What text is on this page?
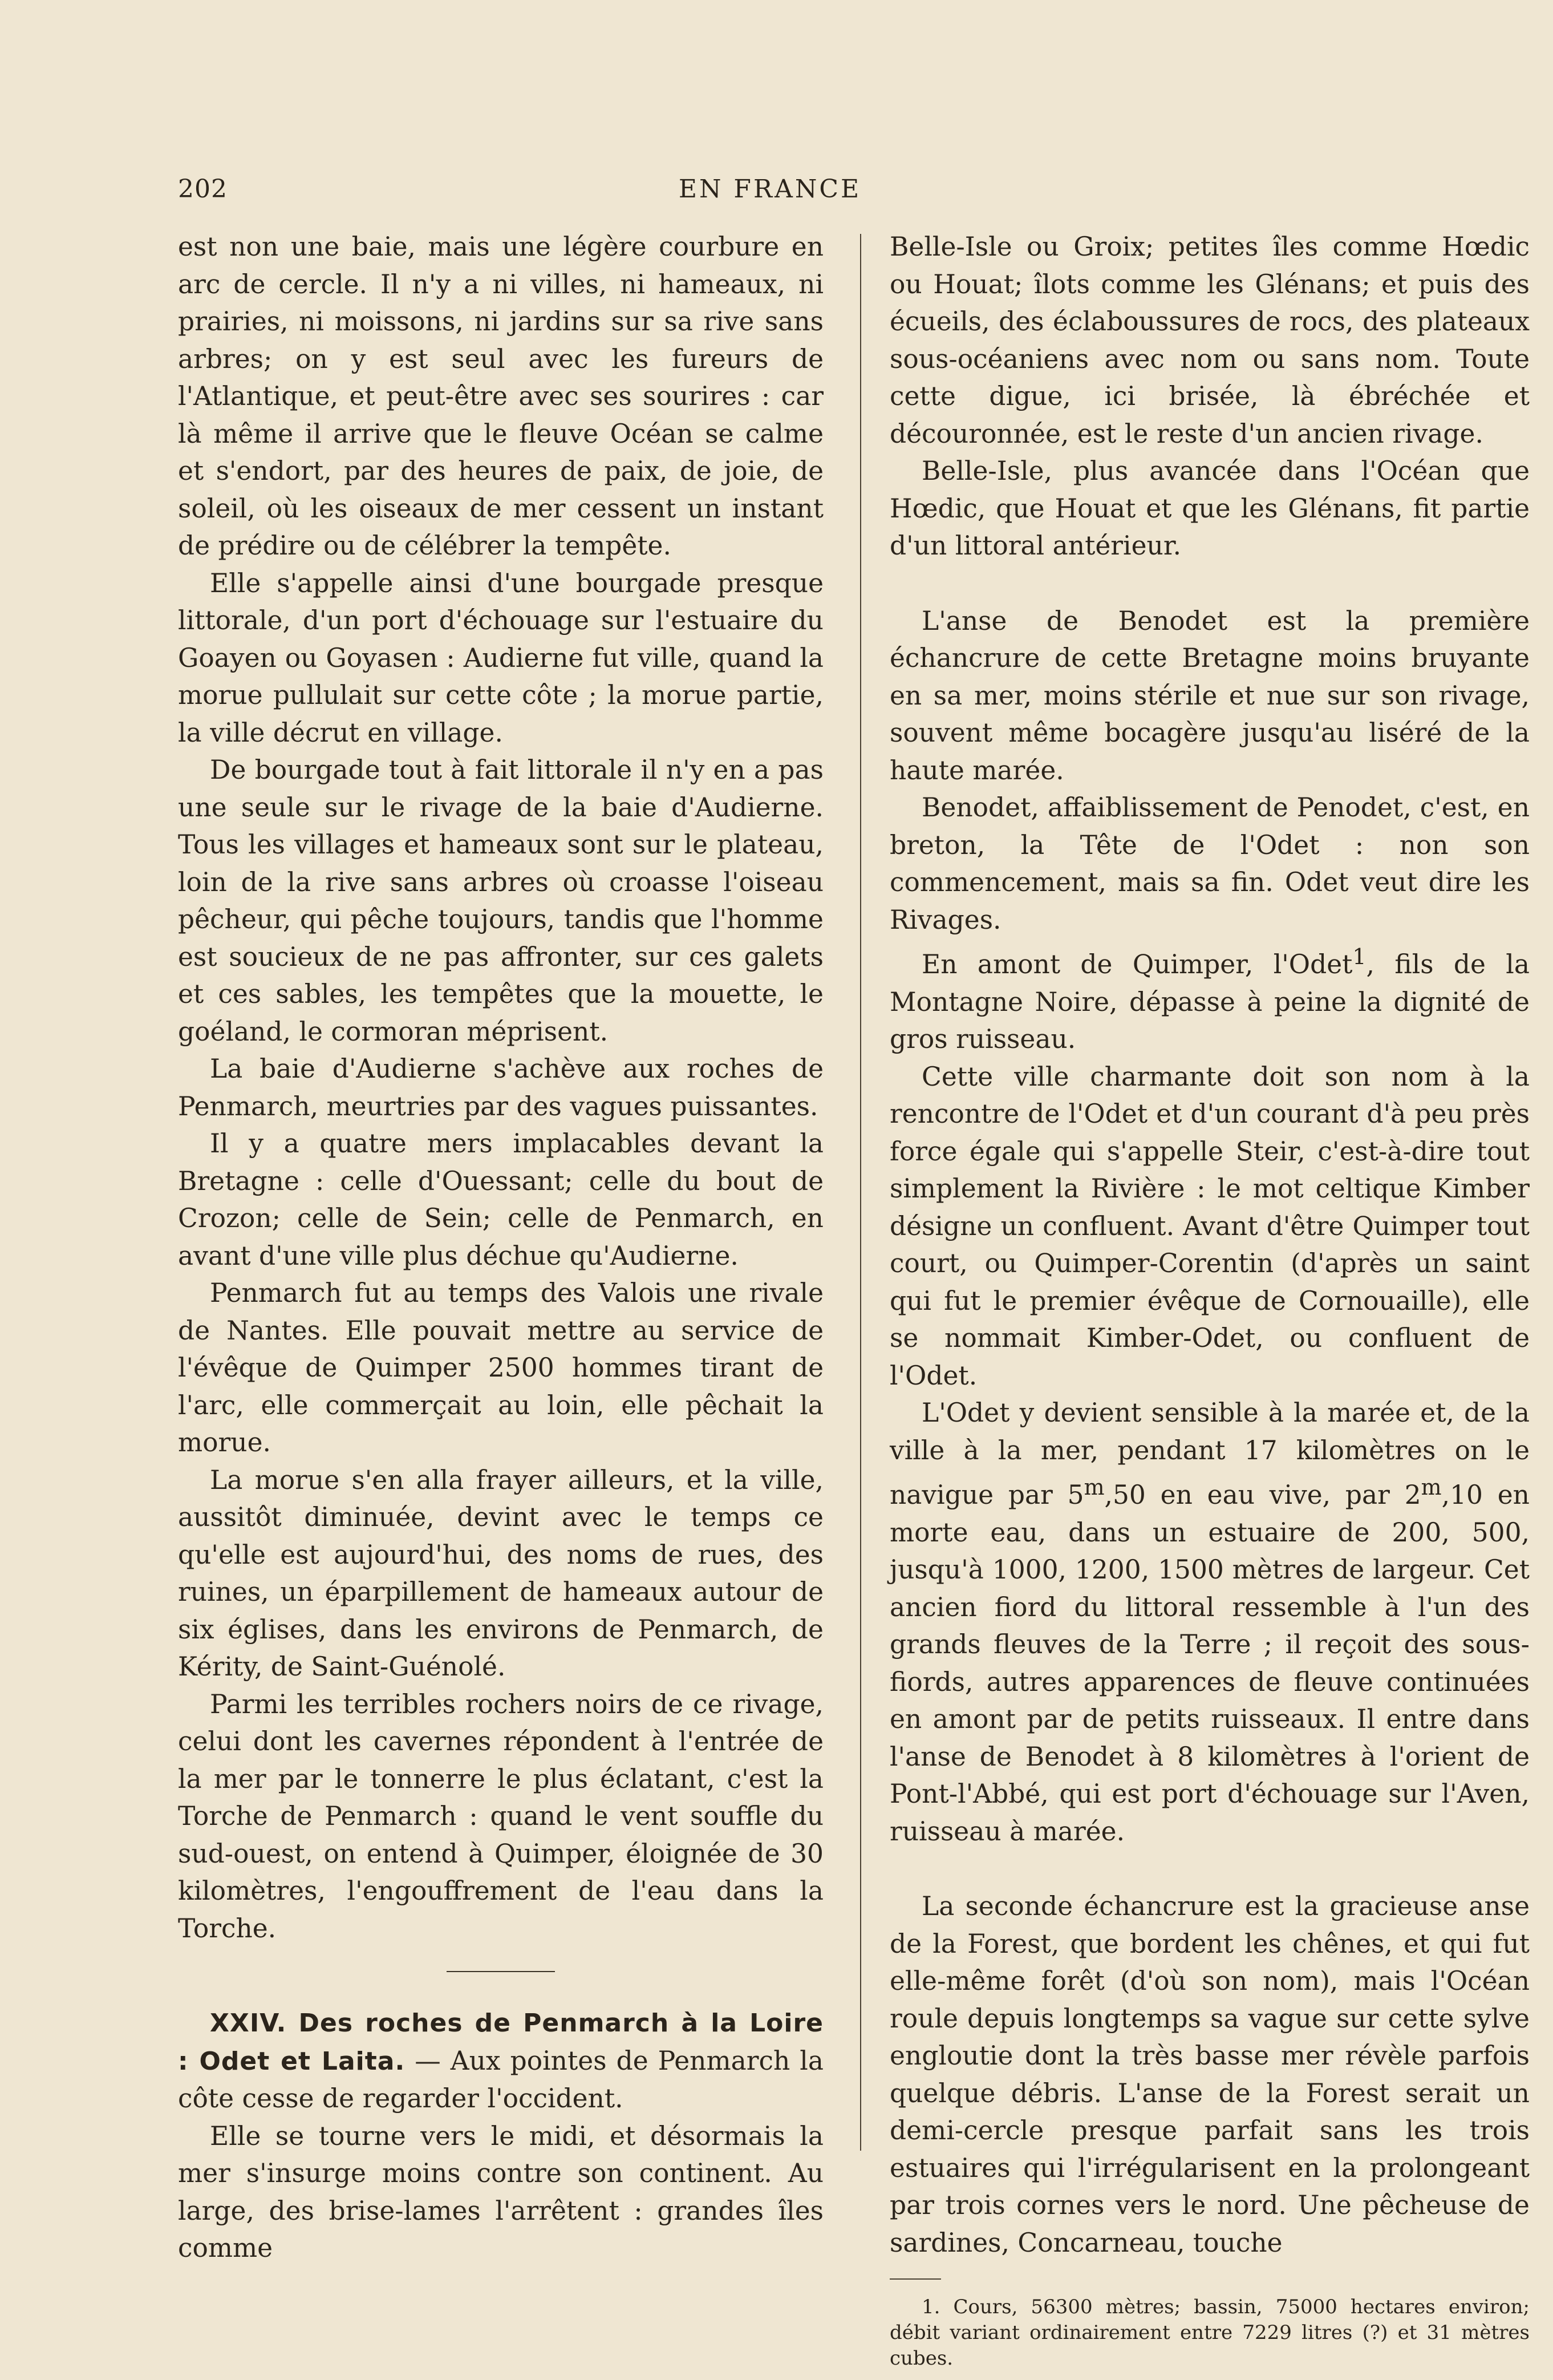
202	EN FRANCE

est non une baie, mais une légère courbure en arc de cercle. Il n'y a ni villes, ni hameaux, ni prairies, ni moissons, ni jardins sur sa rive sans arbres; on y est seul avec les fureurs de l'Atlantique, et peut-être avec ses sourires : car là même il arrive que le fleuve Océan se calme et s'endort, par des heures de paix, de joie, de soleil, où les oiseaux de mer cessent un instant de prédire ou de célébrer la tempête.

Elle s'appelle ainsi d'une bourgade presque littorale, d'un port d'échouage sur l'estuaire du Goayen ou Goyasen : Audierne fut ville, quand la morue pullulait sur cette côte ; la morue partie, la ville décrut en village.

De bourgade tout à fait littorale il n'y en a pas une seule sur le rivage de la baie d'Audierne. Tous les villages et hameaux sont sur le plateau, loin de la rive sans arbres où croasse l'oiseau pêcheur, qui pêche toujours, tandis que l'homme est soucieux de ne pas affronter, sur ces galets et ces sables, les tempêtes que la mouette, le goéland, le cormoran méprisent.

La baie d'Audierne s'achève aux roches de Penmarch, meurtries par des vagues puissantes.

Il y a quatre mers implacables devant la Bretagne : celle d'Ouessant; celle du bout de Crozon; celle de Sein; celle de Penmarch, en avant d'une ville plus déchue qu'Audierne.

Penmarch fut au temps des Valois une rivale de Nantes. Elle pouvait mettre au service de l'évêque de Quimper 2500 hommes tirant de l'arc, elle commerçait au loin, elle pêchait la morue.

La morue s'en alla frayer ailleurs, et la ville, aussitôt diminuée, devint avec le temps ce qu'elle est aujourd'hui, des noms de rues, des ruines, un éparpillement de hameaux autour de six églises, dans les environs de Penmarch, de Kérity, de Saint-Guénolé.

Parmi les terribles rochers noirs de ce rivage, celui dont les cavernes répondent à l'entrée de la mer par le tonnerre le plus éclatant, c'est la Torche de Penmarch : quand le vent souffle du sud-ouest, on entend à Quimper, éloignée de 30 kilomètres, l'engouffrement de l'eau dans la Torche.

XXIV. Des roches de Penmarch à la Loire : Odet et Laita. — Aux pointes de Penmarch la côte cesse de regarder l'occident.

Elle se tourne vers le midi, et désormais la mer s'insurge moins contre son continent. Au large, des brise-lames l'arrêtent : grandes îles comme

Belle-Isle ou Groix; petites îles comme Hœdic ou Houat; îlots comme les Glénans; et puis des écueils, des éclaboussures de rocs, des plateaux sous-océaniens avec nom ou sans nom. Toute cette digue, ici brisée, là ébréchée et découronnée, est le reste d'un ancien rivage.

Belle-Isle, plus avancée dans l'Océan que Hœdic, que Houat et que les Glénans, fit partie d'un littoral antérieur.

L'anse de Benodet est la première échancrure de cette Bretagne moins bruyante en sa mer, moins stérile et nue sur son rivage, souvent même bocagère jusqu'au liséré de la haute marée.

Benodet, affaiblissement de Penodet, c'est, en breton, la Tête de l'Odet : non son commencement, mais sa fin. Odet veut dire les Rivages.

En amont de Quimper, l'Odet$^1$, fils de la Montagne Noire, dépasse à peine la dignité de gros ruisseau.

Cette ville charmante doit son nom à la rencontre de l'Odet et d'un courant d'à peu près force égale qui s'appelle Steir, c'est-à-dire tout simplement la Rivière : le mot celtique Kimber désigne un confluent. Avant d'être Quimper tout court, ou Quimper-Corentin (d'après un saint qui fut le premier évêque de Cornouaille), elle se nommait Kimber-Odet, ou confluent de l'Odet.

L'Odet y devient sensible à la marée et, de la ville à la mer, pendant 17 kilomètres on le navigue par 5$^m$,50 en eau vive, par 2$^m$,10 en morte eau, dans un estuaire de 200, 500, jusqu'à 1000, 1200, 1500 mètres de largeur. Cet ancien fiord du littoral ressemble à l'un des grands fleuves de la Terre ; il reçoit des sous-fiords, autres apparences de fleuve continuées en amont par de petits ruisseaux. Il entre dans l'anse de Benodet à 8 kilomètres à l'orient de Pont-l'Abbé, qui est port d'échouage sur l'Aven, ruisseau à marée.

La seconde échancrure est la gracieuse anse de la Forest, que bordent les chênes, et qui fut elle-même forêt (d'où son nom), mais l'Océan roule depuis longtemps sa vague sur cette sylve engloutie dont la très basse mer révèle parfois quelque débris. L'anse de la Forest serait un demi-cercle presque parfait sans les trois estuaires qui l'irrégularisent en la prolongeant par trois cornes vers le nord. Une pêcheuse de sardines, Concarneau, touche

1. Cours, 56300 mètres; bassin, 75000 hectares environ; débit variant ordinairement entre 7229 litres (?) et 31 mètres cubes.
